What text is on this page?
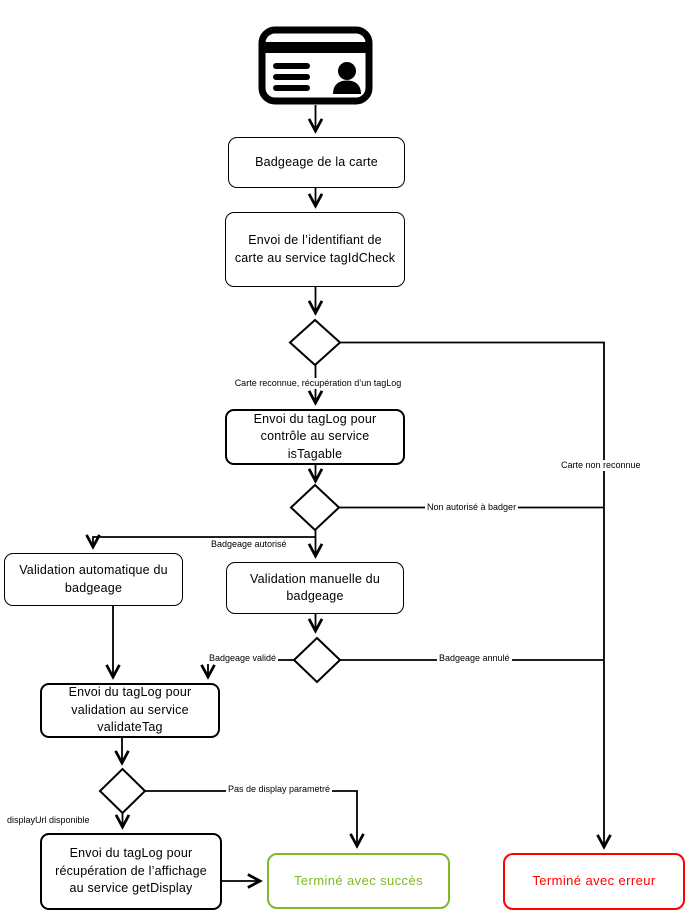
Badgeage de la carte
Envoi de l’identifiant de carte au service tagIdCheck
Envoi du tagLog pour contrôle au service isTagable
Validation automatique du badgeage
Validation manuelle du badgeage
Envoi du tagLog pour validation au service validateTag
Envoi du tagLog pour récupération de l’affichage au service getDisplay
Terminé avec succès	Terminé avec erreur
Carte reconnue, récupération d’un tagLog
Carte non reconnue
Non autorisé à badger
Badgeage autorisé
Badgeage validé	Badgeage annulé
Pas de display parametré
displayUrl disponible
